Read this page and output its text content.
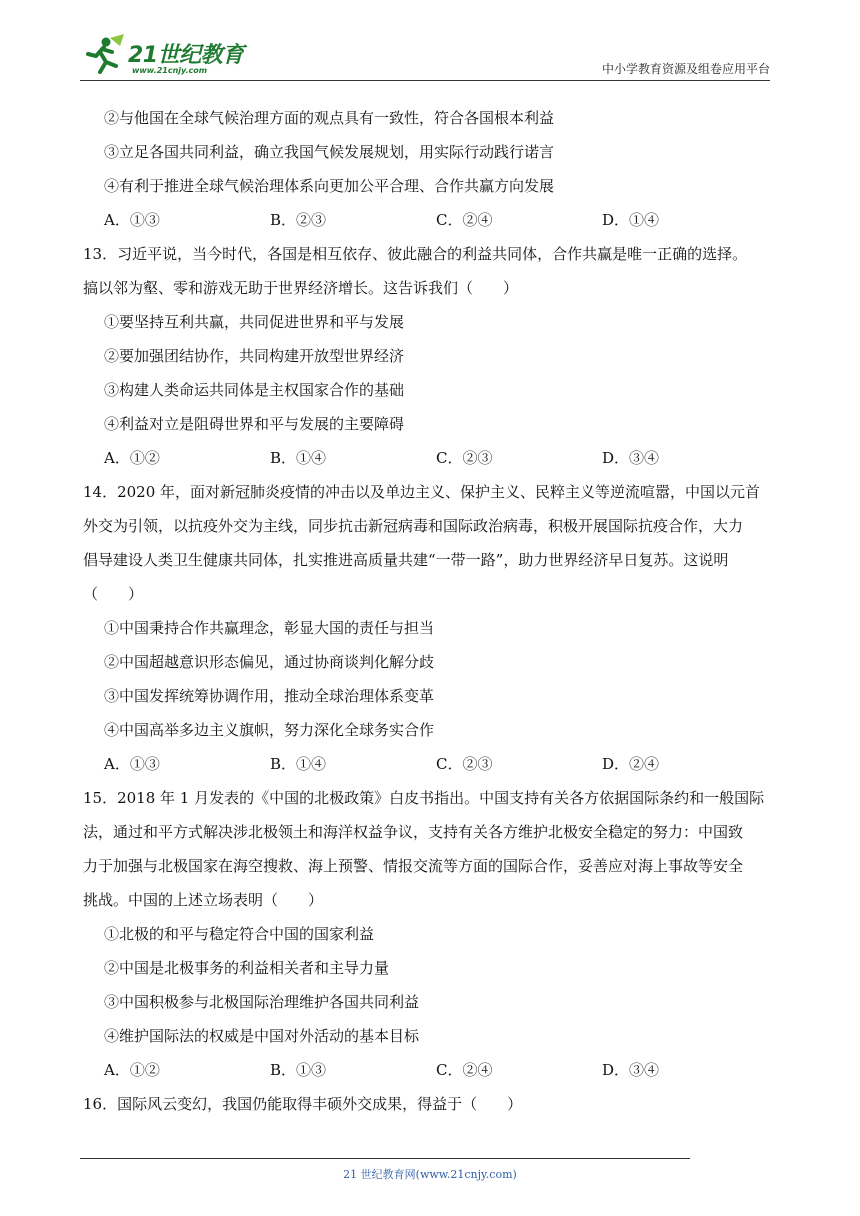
21世纪教育
www.21cnjy.com	中小学教育资源及组卷应用平台
②与他国在全球气候治理方面的观点具有一致性，符合各国根本利益
③立足各国共同利益，确立我国气候发展规划，用实际行动践行诺言
④有利于推进全球气候治理体系向更加公平合理、合作共赢方向发展
A．①③	B．②③	C．②④	D．①④
13．习近平说，当今时代，各国是相互依存、彼此融合的利益共同体，合作共赢是唯一正确的选择。
搞以邻为壑、零和游戏无助于世界经济增长。这告诉我们（　　）
①要坚持互利共赢，共同促进世界和平与发展
②要加强团结协作，共同构建开放型世界经济
③构建人类命运共同体是主权国家合作的基础
④利益对立是阻碍世界和平与发展的主要障碍
A．①②	B．①④	C．②③	D．③④
14．2020 年，面对新冠肺炎疫情的冲击以及单边主义、保护主义、民粹主义等逆流喧嚣，中国以元首
外交为引领，以抗疫外交为主线，同步抗击新冠病毒和国际政治病毒，积极开展国际抗疫合作，大力
倡导建设人类卫生健康共同体，扎实推进高质量共建“一带一路”，助力世界经济早日复苏。这说明
（　　）
①中国秉持合作共赢理念，彰显大国的责任与担当
②中国超越意识形态偏见，通过协商谈判化解分歧
③中国发挥统筹协调作用，推动全球治理体系变革
④中国高举多边主义旗帜，努力深化全球务实合作
A．①③	B．①④	C．②③	D．②④
15．2018 年 1 月发表的《中国的北极政策》白皮书指出。中国支持有关各方依据国际条约和一般国际
法，通过和平方式解决涉北极领土和海洋权益争议，支持有关各方维护北极安全稳定的努力：中国致
力于加强与北极国家在海空搜救、海上预警、情报交流等方面的国际合作，妥善应对海上事故等安全
挑战。中国的上述立场表明（　　）
①北极的和平与稳定符合中国的国家利益
②中国是北极事务的利益相关者和主导力量
③中国积极参与北极国际治理维护各国共同利益
④维护国际法的权威是中国对外活动的基本目标
A．①②	B．①③	C．②④	D．③④
16．国际风云变幻，我国仍能取得丰硕外交成果，得益于（　　）
21 世纪教育网(www.21cnjy.com)
